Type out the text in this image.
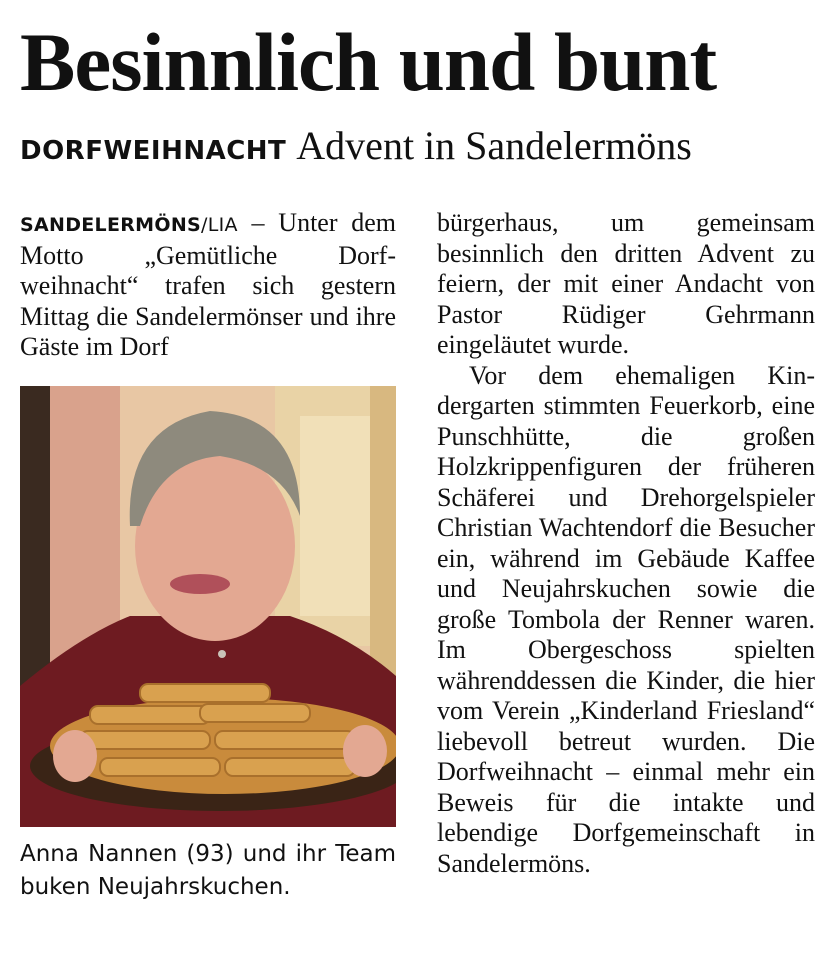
Besinnlich und bunt
DORFWEIHNACHT Advent in Sandelermöns
SANDELERMÖNS/LIA – Unter dem Motto „Gemütliche Dorfweihnacht“ trafen sich gestern Mittag die Sandelermönser und ihre Gäste im Dorf
Anna Nannen (93) und ihr Team buken Neujahrskuchen.

bürgerhaus, um gemeinsam besinnlich den dritten Advent zu feiern, der mit einer Andacht von Pastor Rüdiger Gehrmann eingeläutet wurde.

Vor dem ehemaligen Kindergarten stimmten Feuerkorb, eine Punschhütte, die großen Holzkrippenfiguren der früheren Schäferei und Drehorgelspieler Christian Wachtendorf die Besucher ein, während im Gebäude Kaffee und Neujahrskuchen sowie die große Tombola der Renner waren. Im Obergeschoss spielten währenddessen die Kinder, die hier vom Verein „Kinderland Friesland“ liebevoll betreut wurden. Die Dorfweihnacht – einmal mehr ein Beweis für die intakte und lebendige Dorfgemeinschaft in Sandelermöns.
